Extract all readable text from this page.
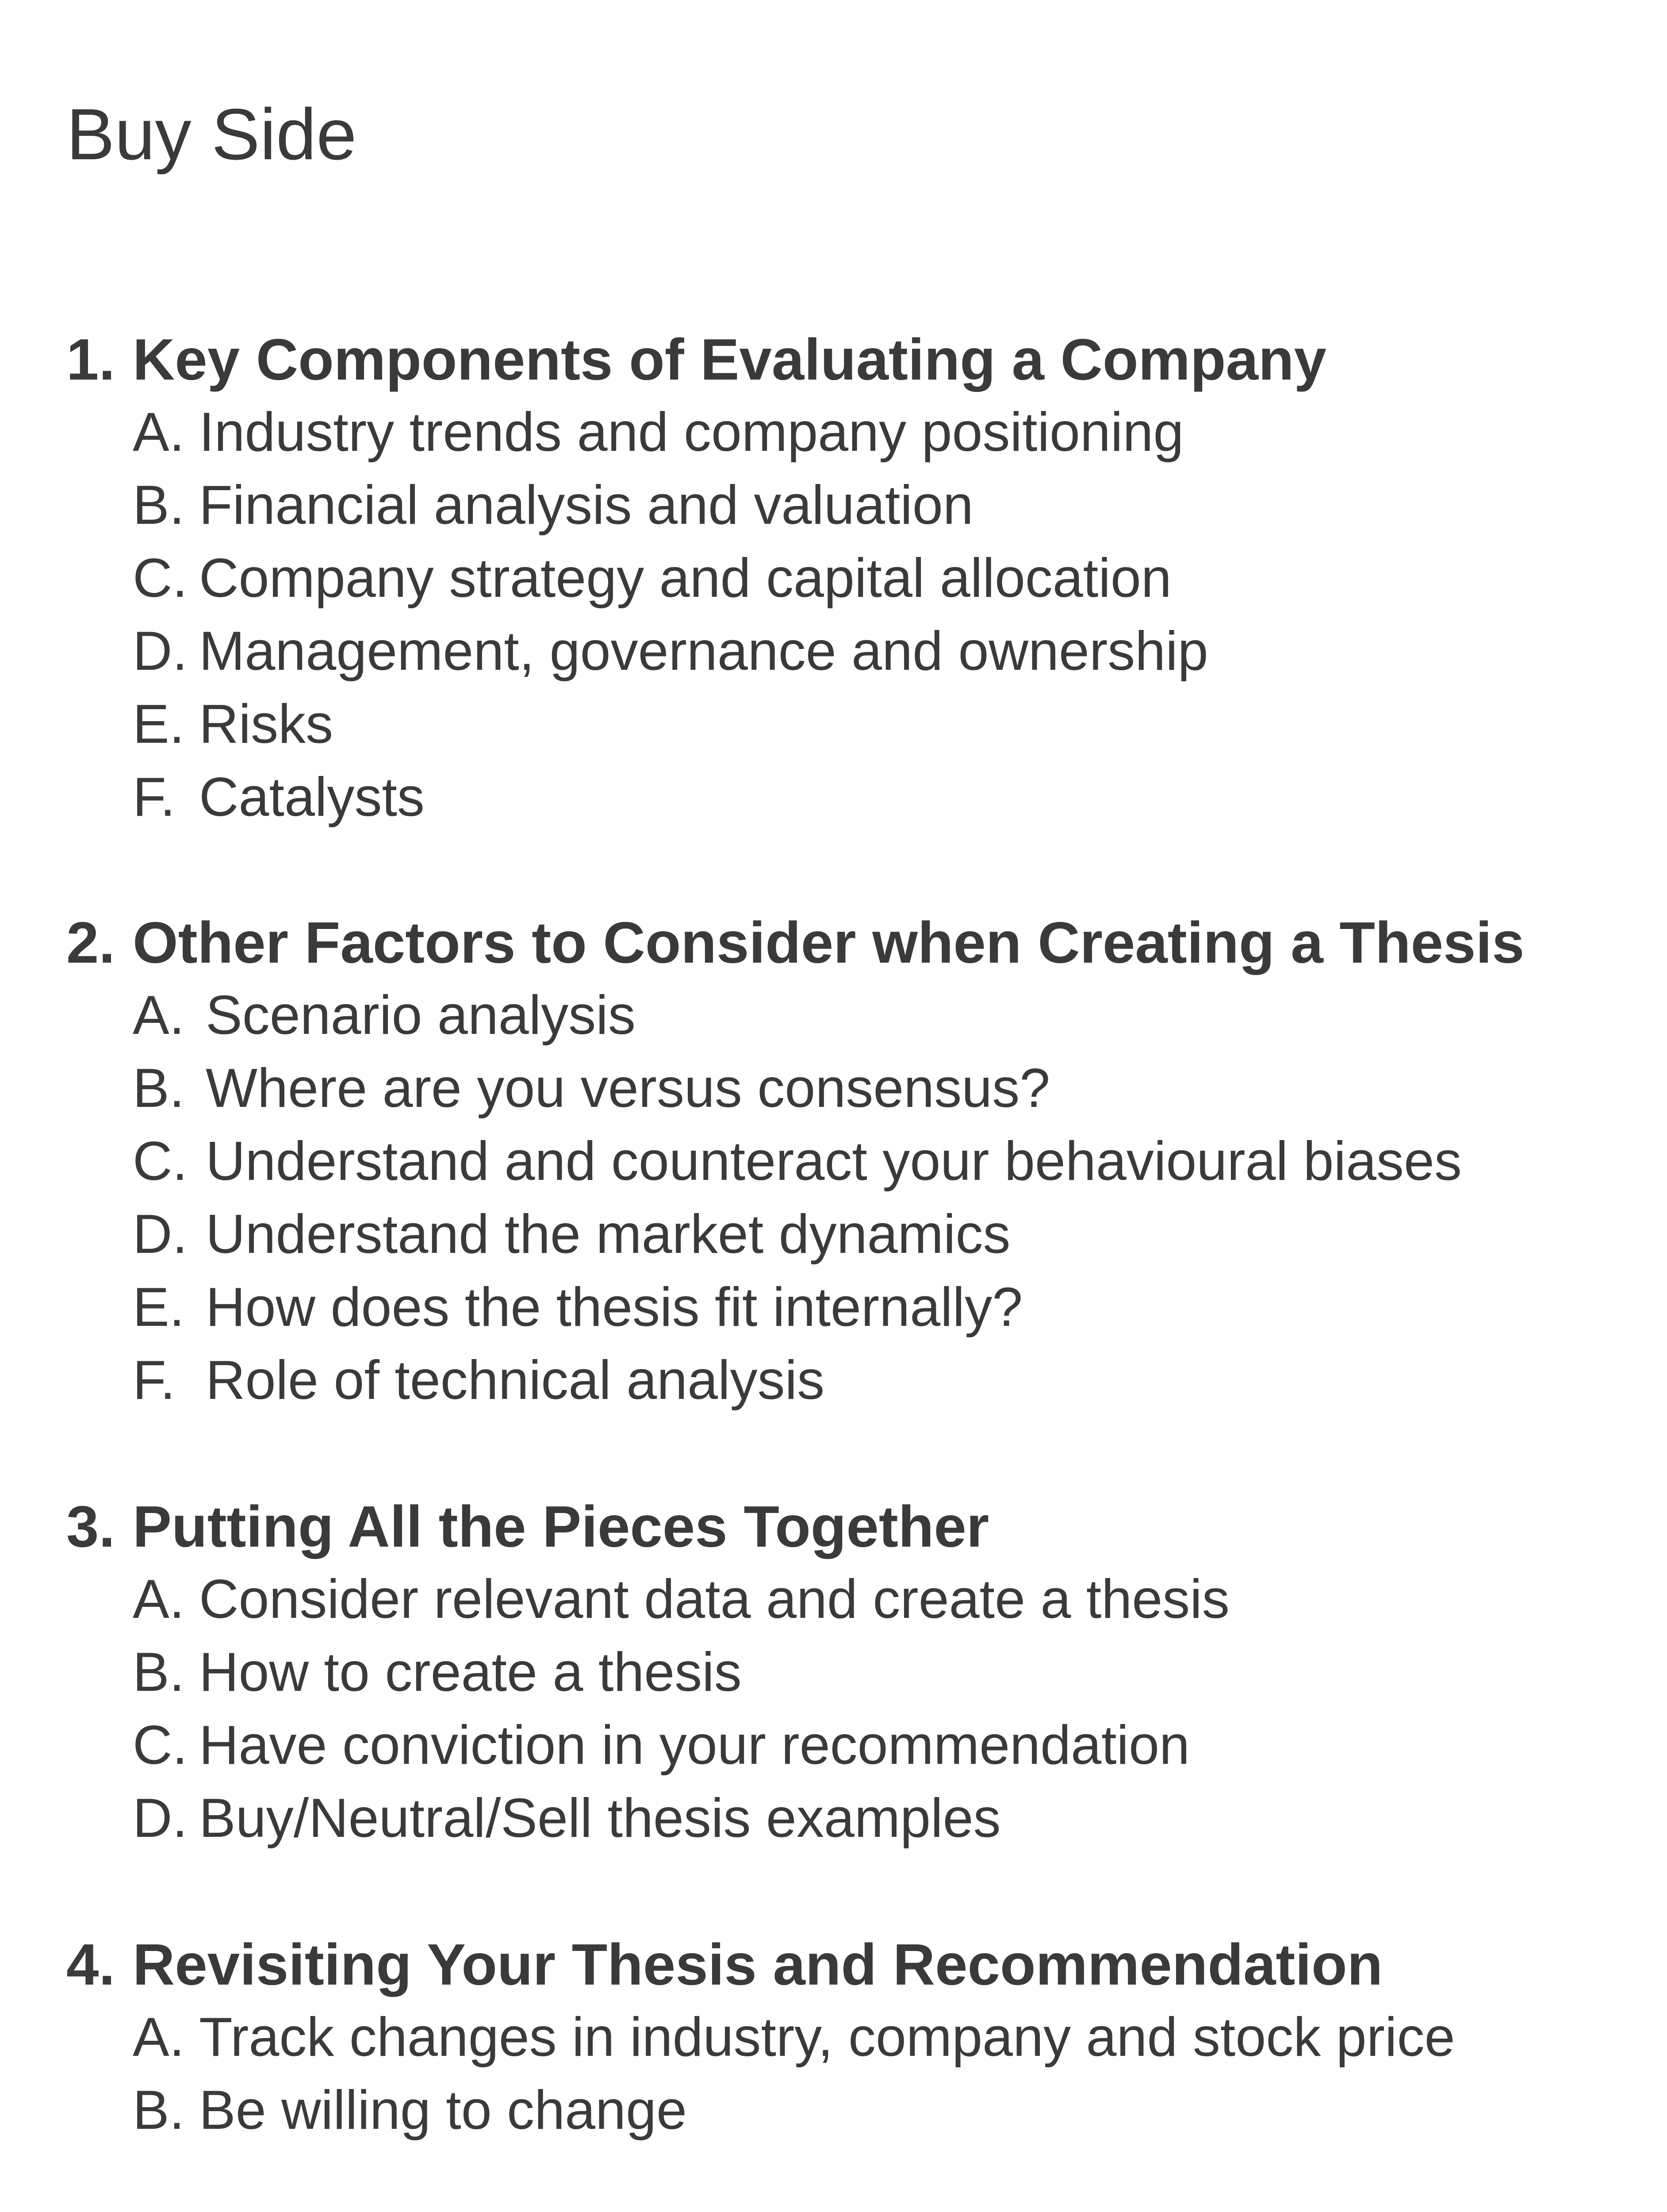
Buy Side
1. Key Components of Evaluating a Company
A. Industry trends and company positioning
B. Financial analysis and valuation
C. Company strategy and capital allocation
D. Management, governance and ownership
E. Risks
F. Catalysts
2. Other Factors to Consider when Creating a Thesis
A. Scenario analysis
B. Where are you versus consensus?
C. Understand and counteract your behavioural biases
D. Understand the market dynamics
E. How does the thesis fit internally?
F. Role of technical analysis
3. Putting All the Pieces Together
A. Consider relevant data and create a thesis
B. How to create a thesis
C. Have conviction in your recommendation
D. Buy/Neutral/Sell thesis examples
4. Revisiting Your Thesis and Recommendation
A. Track changes in industry, company and stock price
B. Be willing to change
